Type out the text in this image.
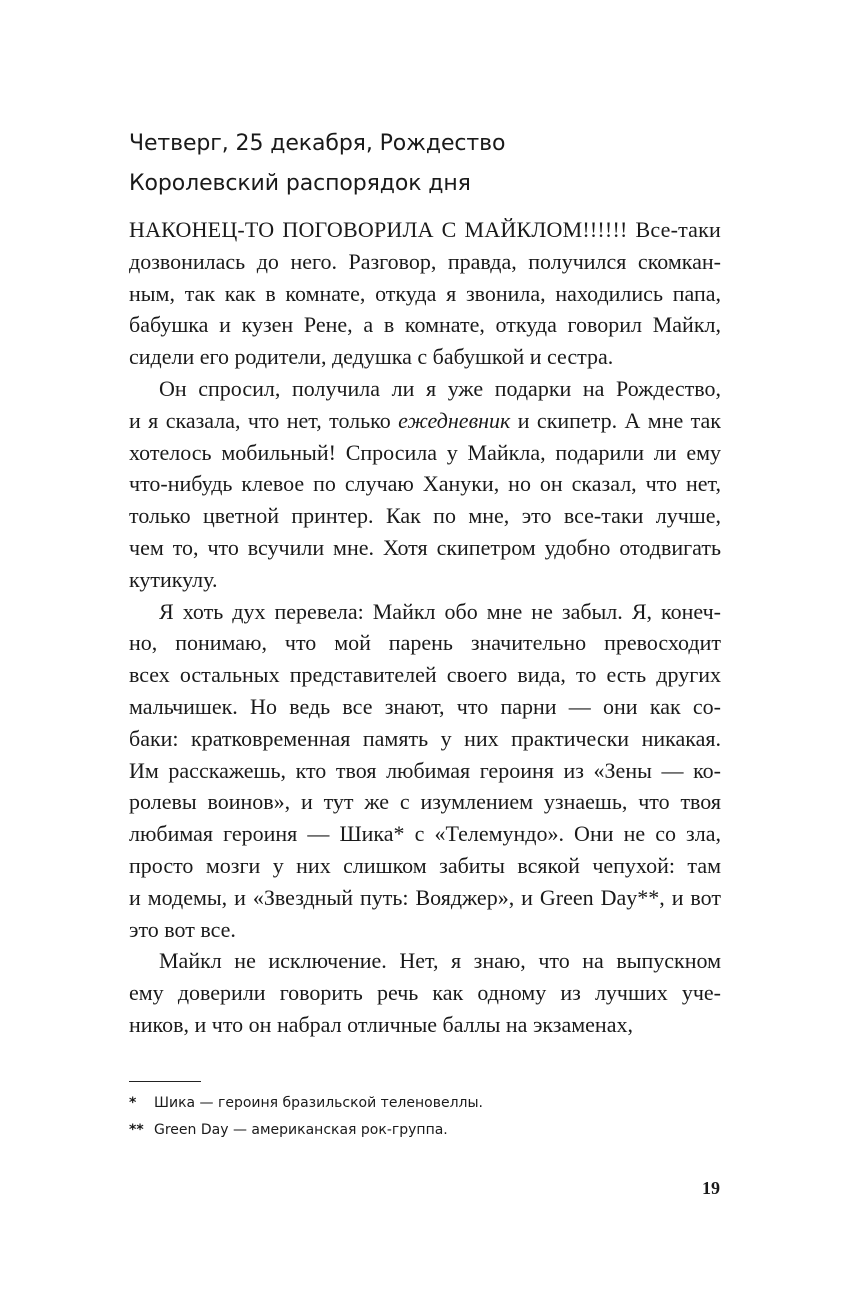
Четверг, 25 декабря, Рождество
Королевский распорядок дня
НАКОНЕЦ-ТО ПОГОВОРИЛА С МАЙКЛОМ!!!!!! Все-таки
дозвонилась до него. Разговор, правда, получился скомкан-
ным, так как в комнате, откуда я звонила, находились папа,
бабушка и кузен Рене, а в комнате, откуда говорил Майкл,
сидели его родители, дедушка с бабушкой и сестра.
Он спросил, получила ли я уже подарки на Рождество,
и я сказала, что нет, только ежедневник и скипетр. А мне так
хотелось мобильный! Спросила у Майкла, подарили ли ему
что-нибудь клевое по случаю Хануки, но он сказал, что нет,
только цветной принтер. Как по мне, это все-таки лучше,
чем то, что всучили мне. Хотя скипетром удобно отодвигать
кутикулу.
Я хоть дух перевела: Майкл обо мне не забыл. Я, конеч-
но, понимаю, что мой парень значительно превосходит
всех остальных представителей своего вида, то есть других
мальчишек. Но ведь все знают, что парни — они как со-
баки: кратковременная память у них практически никакая.
Им расскажешь, кто твоя любимая героиня из «Зены — ко-
ролевы воинов», и тут же с изумлением узнаешь, что твоя
любимая героиня — Шика* с «Телемундо». Они не со зла,
просто мозги у них слишком забиты всякой чепухой: там
и модемы, и «Звездный путь: Вояджер», и Green Day**, и вот
это вот все.
Майкл не исключение. Нет, я знаю, что на выпускном
ему доверили говорить речь как одному из лучших уче-
ников, и что он набрал отличные баллы на экзаменах,
*	Шика — героиня бразильской теленовеллы.
** Green Day — американская рок-группа.
19
